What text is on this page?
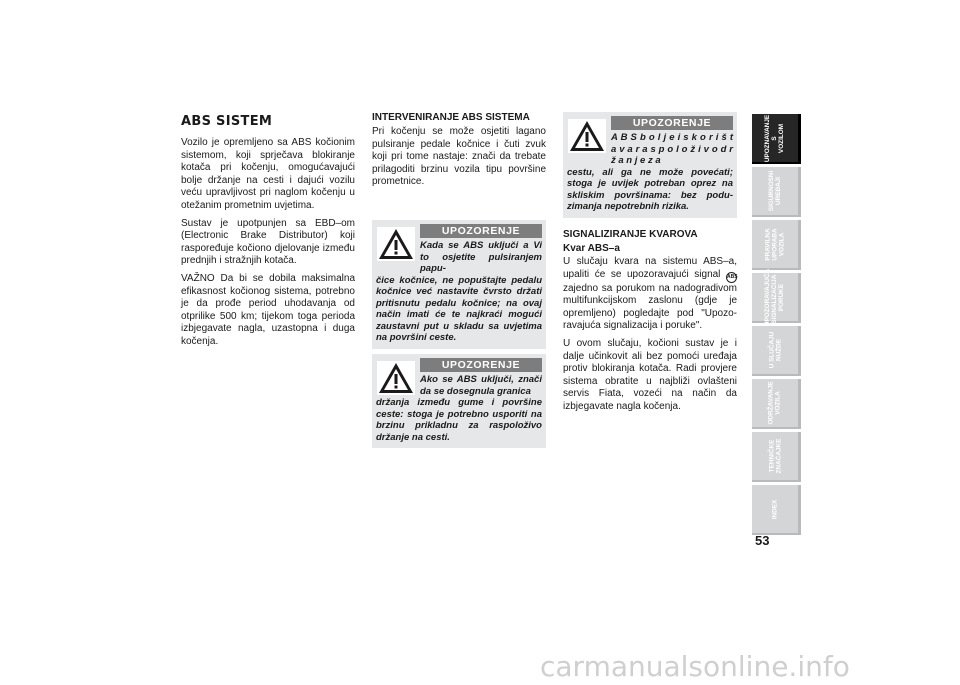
ABS SISTEM

Vozilo je opremljeno sa ABS kočionim sistemom, koji sprječava blokiranje kotača pri kočenju, omogućavajući bolje držanje na cesti i dajući vozilu veću upravljivost pri naglom kočenju u otežanim prometnim uvjetima.

Sustav je upotpunjen sa EBD–om (Electronic Brake Distributor) koji raspoređuje kočiono djelovanje između prednjih i stražnjih kotača.

VAŽNO Da bi se dobila maksimalna efikasnost kočionog sistema, potrebno je da prođe period uhodavanja od otprilike 500 km; tijekom toga perioda izbjegavate nagla, uzastopna i duga kočenja.

INTERVENIRANJE ABS SISTEMA

Pri kočenju se može osjetiti lagano pulsiranje pedale kočnice i čuti zvuk koji pri tome nastaje: znači da trebate prilagoditi brzinu vozila tipu površine prometnice.

UPOZORENJE
Kada se ABS uključi a Vi to osjetite pulsiranjem papu-
čice kočnice, ne popuštajte pedalu kočnice već nastavite čvrsto držati pritisnutu pedalu kočnice; na ovaj način imati će te najkraći mogući zaustavni put u skladu sa uvjetima na površini ceste.
UPOZORENJE
Ako se ABS uključi, znači da se dosegnula granica
držanja između gume i površine ceste: stoga je potrebno usporiti na brzinu prikladnu za raspoloživo držanje na cesti.
UPOZORENJE
A B S b o l j e i s k o r i š t a v a r a s p o l o ž i v o d r ž a n j e z a
cestu, ali ga ne može povećati; stoga je uvijek potreban oprez na skliskim površinama: bez poduzimanja nepotrebnih rizika.
SIGNALIZIRANJE KVAROVA
Kvar ABS–a

U slučaju kvara na sistemu ABS–a, upaliti će se upozoravajući signal ABS zajedno sa porukom na nadogradivom multifunkcijskom zaslonu (gdje je opremljeno) pogledajte pod "Upozoravajuća signalizacija i poruke".

U ovom slučaju, kočioni sustav je i dalje učinkovit ali bez pomoći uređaja protiv blokiranja kotača. Radi provjere sistema obratite u najbliži ovlašteni servis Fiata, vozeći na način da izbjegavate nagla kočenja.

UPOZNAVANJE
S
VOZILOM
SIGURNOSNI
UREĐAJI
PRAVILNA
UPORABA
VOZILA
UPOZORAVAJUĆA
SIGNALIZACIJA I
PORUKE
U SLUČAJU
NUŽDE
ODRŽAVANJE
VOZILA
TEHNIČKE
ZNAČAJKE
INDEX
53
carmanualsonline.info
